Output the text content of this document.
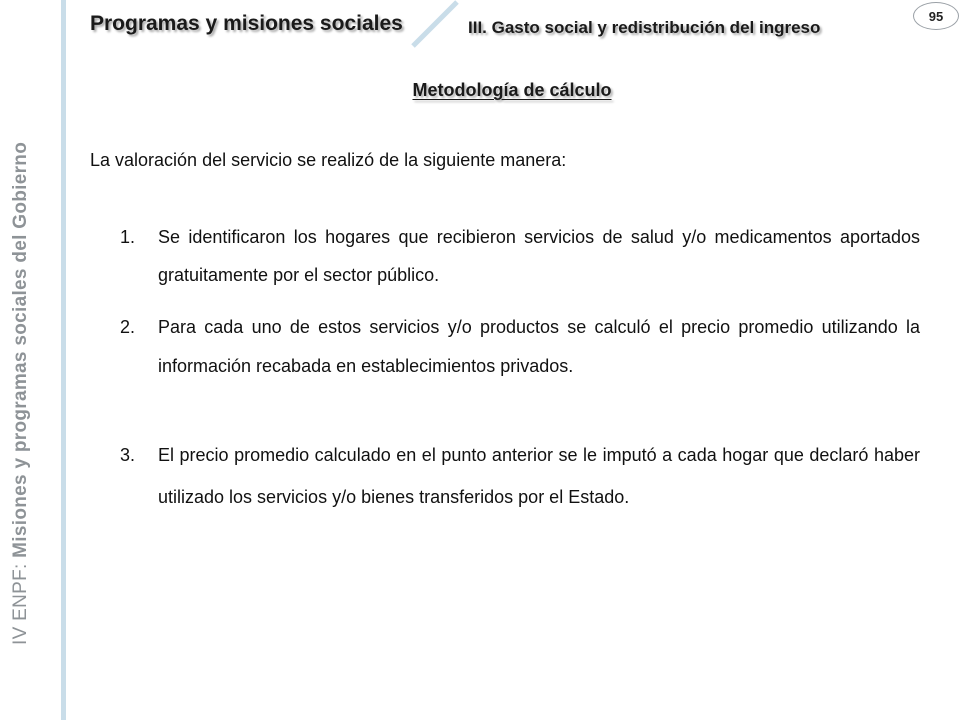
IV ENPF: Misiones y programas sociales del Gobierno
Programas y misiones sociales	III. Gasto social y redistribución del ingreso
95
Metodología de cálculo
La valoración del servicio se realizó de la siguiente manera:
1. Se identificaron los hogares que recibieron servicios de salud y/o medicamentos aportados gratuitamente por el sector público.
2. Para cada uno de estos servicios y/o productos se calculó el precio promedio utilizando la información recabada en establecimientos privados.
3. El precio promedio calculado en el punto anterior se le imputó a cada hogar que declaró haber utilizado los servicios y/o bienes transferidos por el Estado.
